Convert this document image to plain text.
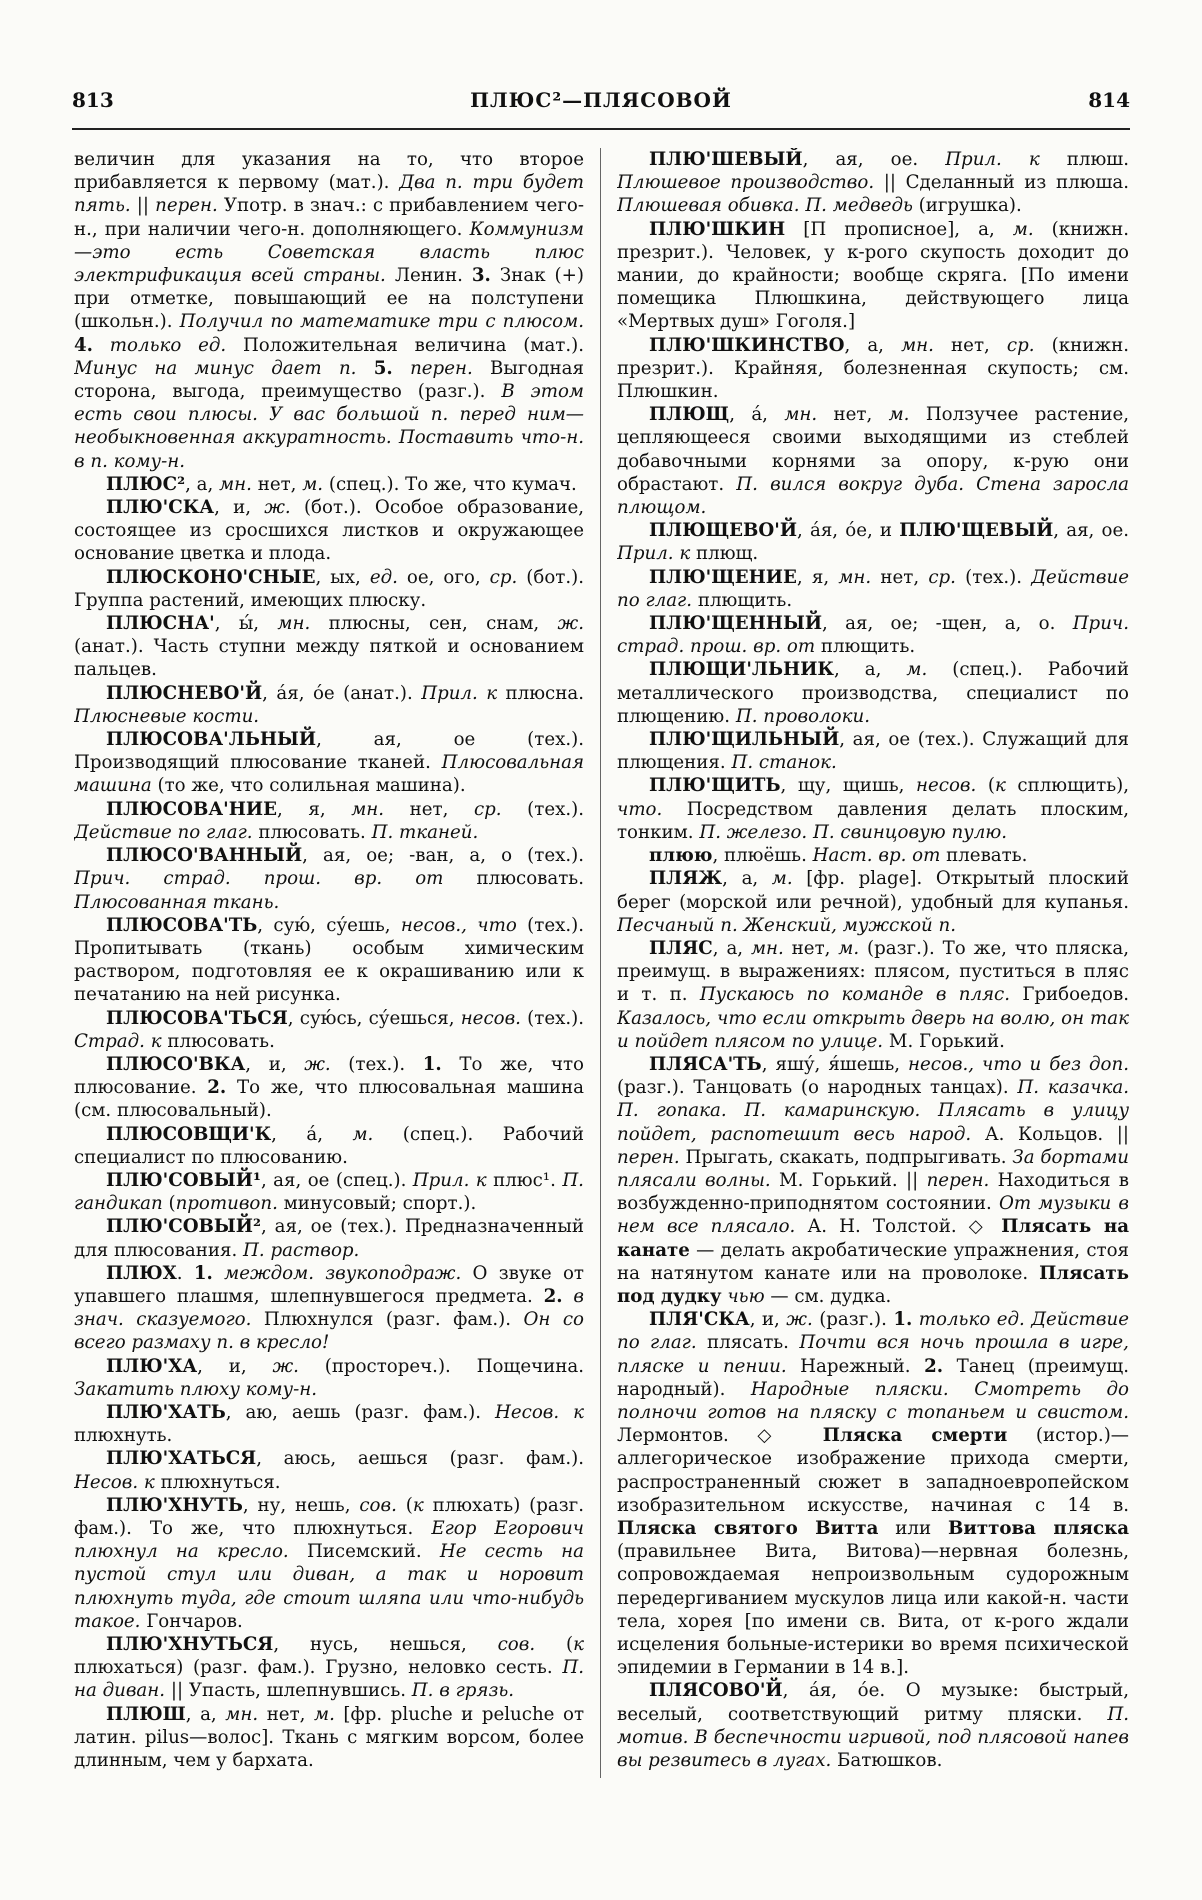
813	ПЛЮС²—ПЛЯСОВОЙ	814

величин для указания на то, что второе прибавляется к первому (мат.). Два п. три будет пять. || перен. Употр. в знач.: с прибавлением чего-н., при наличии чего-н. дополняющего. Коммунизм—это есть Советская власть плюс электрификация всей страны. Ленин. 3. Знак (+) при отметке, повышающий ее на полступени (школьн.). Получил по математике три с плюсом. 4. только ед. Положительная величина (мат.). Минус на минус дает п. 5. перен. Выгодная сторона, выгода, преимущество (разг.). В этом есть свои плюсы. У вас большой п. перед ним—необыкновенная аккуратность. Поставить что-н. в п. кому-н.

ПЛЮС², а, мн. нет, м. (спец.). То же, что кумач.

ПЛЮ'СКА, и, ж. (бот.). Особое образование, состоящее из сросшихся листков и окружающее основание цветка и плода.

ПЛЮСКОНО'СНЫЕ, ых, ед. ое, ого, ср. (бот.). Группа растений, имеющих плюску.

ПЛЮСНА', ы́, мн. плюсны, сен, снам, ж. (анат.). Часть ступни между пяткой и основанием пальцев.

ПЛЮСНЕВО'Й, а́я, о́е (анат.). Прил. к плюсна. Плюсневые кости.

ПЛЮСОВА'ЛЬНЫЙ, ая, ое (тех.). Производящий плюсование тканей. Плюсовальная машина (то же, что солильная машина).

ПЛЮСОВА'НИЕ, я, мн. нет, ср. (тех.). Действие по глаг. плюсовать. П. тканей.

ПЛЮСО'ВАННЫЙ, ая, ое; -ван, а, о (тех.). Прич. страд. прош. вр. от плюсовать. Плюсованная ткань.

ПЛЮСОВА'ТЬ, сую́, су́ешь, несов., что (тех.). Пропитывать (ткань) особым химическим раствором, подготовляя ее к окрашиванию или к печатанию на ней рисунка.

ПЛЮСОВА'ТЬСЯ, сую́сь, су́ешься, несов. (тех.). Страд. к плюсовать.

ПЛЮСО'ВКА, и, ж. (тех.). 1. То же, что плюсование. 2. То же, что плюсовальная машина (см. плюсовальный).

ПЛЮСОВЩИ'К, а́, м. (спец.). Рабочий специалист по плюсованию.

ПЛЮ'СОВЫЙ¹, ая, ое (спец.). Прил. к плюс¹. П. гандикап (противоп. минусовый; спорт.).

ПЛЮ'СОВЫЙ², ая, ое (тех.). Предназначенный для плюсования. П. раствор.

ПЛЮХ. 1. междом. звукоподраж. О звуке от упавшего плашмя, шлепнувшегося предмета. 2. в знач. сказуемого. Плюхнулся (разг. фам.). Он со всего размаху п. в кресло!

ПЛЮ'ХА, и, ж. (простореч.). Пощечина. Закатить плюху кому-н.

ПЛЮ'ХАТЬ, аю, аешь (разг. фам.). Несов. к плюхнуть.

ПЛЮ'ХАТЬСЯ, аюсь, аешься (разг. фам.). Несов. к плюхнуться.

ПЛЮ'ХНУТЬ, ну, нешь, сов. (к плюхать) (разг. фам.). То же, что плюхнуться. Егор Егорович плюхнул на кресло. Писемский. Не сесть на пустой стул или диван, а так и норовит плюхнуть туда, где стоит шляпа или что-нибудь такое. Гончаров.

ПЛЮ'ХНУТЬСЯ, нусь, нешься, сов. (к плюхаться) (разг. фам.). Грузно, неловко сесть. П. на диван. || Упасть, шлепнувшись. П. в грязь.

ПЛЮШ, а, мн. нет, м. [фр. pluche и peluche от латин. pilus—волос]. Ткань с мягким ворсом, более длинным, чем у бархата.

ПЛЮ'ШЕВЫЙ, ая, ое. Прил. к плюш. Плюшевое производство. || Сделанный из плюша. Плюшевая обивка. П. медведь (игрушка).

ПЛЮ'ШКИН [П прописное], а, м. (книжн. презрит.). Человек, у к-рого скупость доходит до мании, до крайности; вообще скряга. [По имени помещика Плюшкина, действующего лица «Мертвых душ» Гоголя.]

ПЛЮ'ШКИНСТВО, а, мн. нет, ср. (книжн. презрит.). Крайняя, болезненная скупость; см. Плюшкин.

ПЛЮЩ, а́, мн. нет, м. Ползучее растение, цепляющееся своими выходящими из стеблей добавочными корнями за опору, к-рую они обрастают. П. вился вокруг дуба. Стена заросла плющом.

ПЛЮЩЕВО'Й, а́я, о́е, и ПЛЮ'ЩЕВЫЙ, ая, ое. Прил. к плющ.

ПЛЮ'ЩЕНИЕ, я, мн. нет, ср. (тех.). Действие по глаг. плющить.

ПЛЮ'ЩЕННЫЙ, ая, ое; -щен, а, о. Прич. страд. прош. вр. от плющить.

ПЛЮЩИ'ЛЬНИК, а, м. (спец.). Рабочий металлического производства, специалист по плющению. П. проволоки.

ПЛЮ'ЩИЛЬНЫЙ, ая, ое (тех.). Служащий для плющения. П. станок.

ПЛЮ'ЩИТЬ, щу, щишь, несов. (к сплющить), что. Посредством давления делать плоским, тонким. П. железо. П. свинцовую пулю.

плюю, плюёшь. Наст. вр. от плевать.

ПЛЯЖ, а, м. [фр. plage]. Открытый плоский берег (морской или речной), удобный для купанья. Песчаный п. Женский, мужской п.

ПЛЯС, а, мн. нет, м. (разг.). То же, что пляска, преимущ. в выражениях: плясом, пуститься в пляс и т. п. Пускаюсь по команде в пляс. Грибоедов. Казалось, что если открыть дверь на волю, он так и пойдет плясом по улице. М. Горький.

ПЛЯСА'ТЬ, яшу́, я́шешь, несов., что и без доп. (разг.). Танцовать (о народных танцах). П. казачка. П. гопака. П. камаринскую. Плясать в улицу пойдет, распотешит весь народ. А. Кольцов. || перен. Прыгать, скакать, подпрыгивать. За бортами плясали волны. М. Горький. || перен. Находиться в возбужденно-приподнятом состоянии. От музыки в нем все плясало. А. Н. Толстой. ◇ Плясать на канате — делать акробатические упражнения, стоя на натянутом канате или на проволоке. Плясать под дудку чью — см. дудка.

ПЛЯ'СКА, и, ж. (разг.). 1. только ед. Действие по глаг. плясать. Почти вся ночь прошла в игре, пляске и пении. Нарежный. 2. Танец (преимущ. народный). Народные пляски. Смотреть до полночи готов на пляску с топаньем и свистом. Лермонтов. ◇ Пляска смерти (истор.)—аллегорическое изображение прихода смерти, распространенный сюжет в западноевропейском изобразительном искусстве, начиная с 14 в. Пляска святого Витта или Виттова пляска (правильнее Вита, Витова)—нервная болезнь, сопровождаемая непроизвольным судорожным передергиванием мускулов лица или какой-н. части тела, хорея [по имени св. Вита, от к-рого ждали исцеления больные-истерики во время психической эпидемии в Германии в 14 в.].

ПЛЯСОВО'Й, а́я, о́е. О музыке: быстрый, веселый, соответствующий ритму пляски. П. мотив. В беспечности игривой, под плясовой напев вы резвитесь в лугах. Батюшков.
